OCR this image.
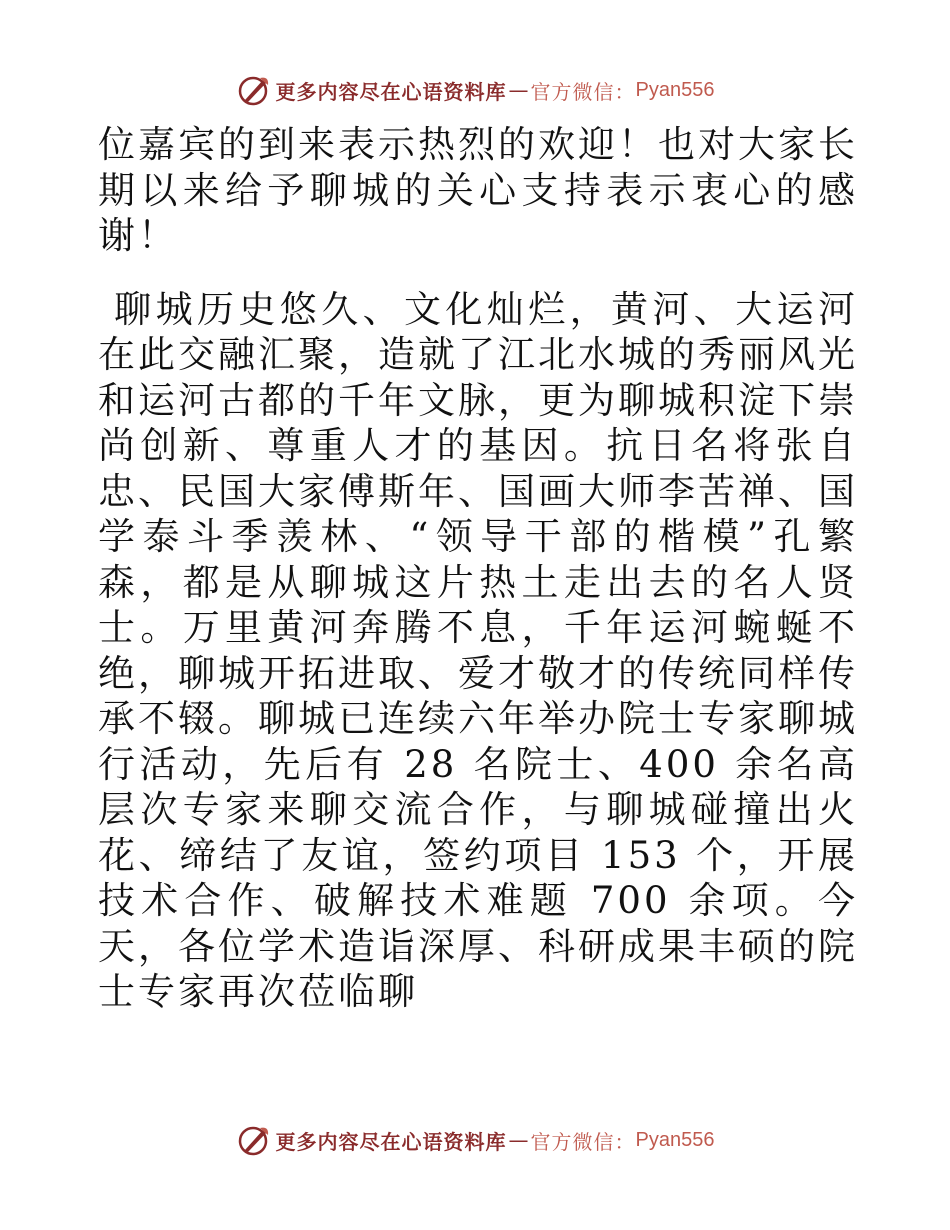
更多内容尽在心语资料库 — 官方微信： Pyan556

位嘉宾的到来表示热烈的欢迎！也对大家长期以来给予聊城的关心支持表示衷心的感谢！

聊城历史悠久、文化灿烂，黄河、大运河在此交融汇聚，造就了江北水城的秀丽风光和运河古都的千年文脉，更为聊城积淀下崇尚创新、尊重人才的基因。抗日名将张自忠、民国大家傅斯年、国画大师李苦禅、国学泰斗季羡林、“领导干部的楷模”孔繁森，都是从聊城这片热土走出去的名人贤士。万里黄河奔腾不息，千年运河蜿蜒不绝，聊城开拓进取、爱才敬才的传统同样传承不辍。聊城已连续六年举办院士专家聊城行活动，先后有 28 名院士、400 余名高层次专家来聊交流合作，与聊城碰撞出火花、缔结了友谊，签约项目 153 个，开展技术合作、破解技术难题 700 余项。今天，各位学术造诣深厚、科研成果丰硕的院士专家再次莅临聊

更多内容尽在心语资料库 — 官方微信： Pyan556
